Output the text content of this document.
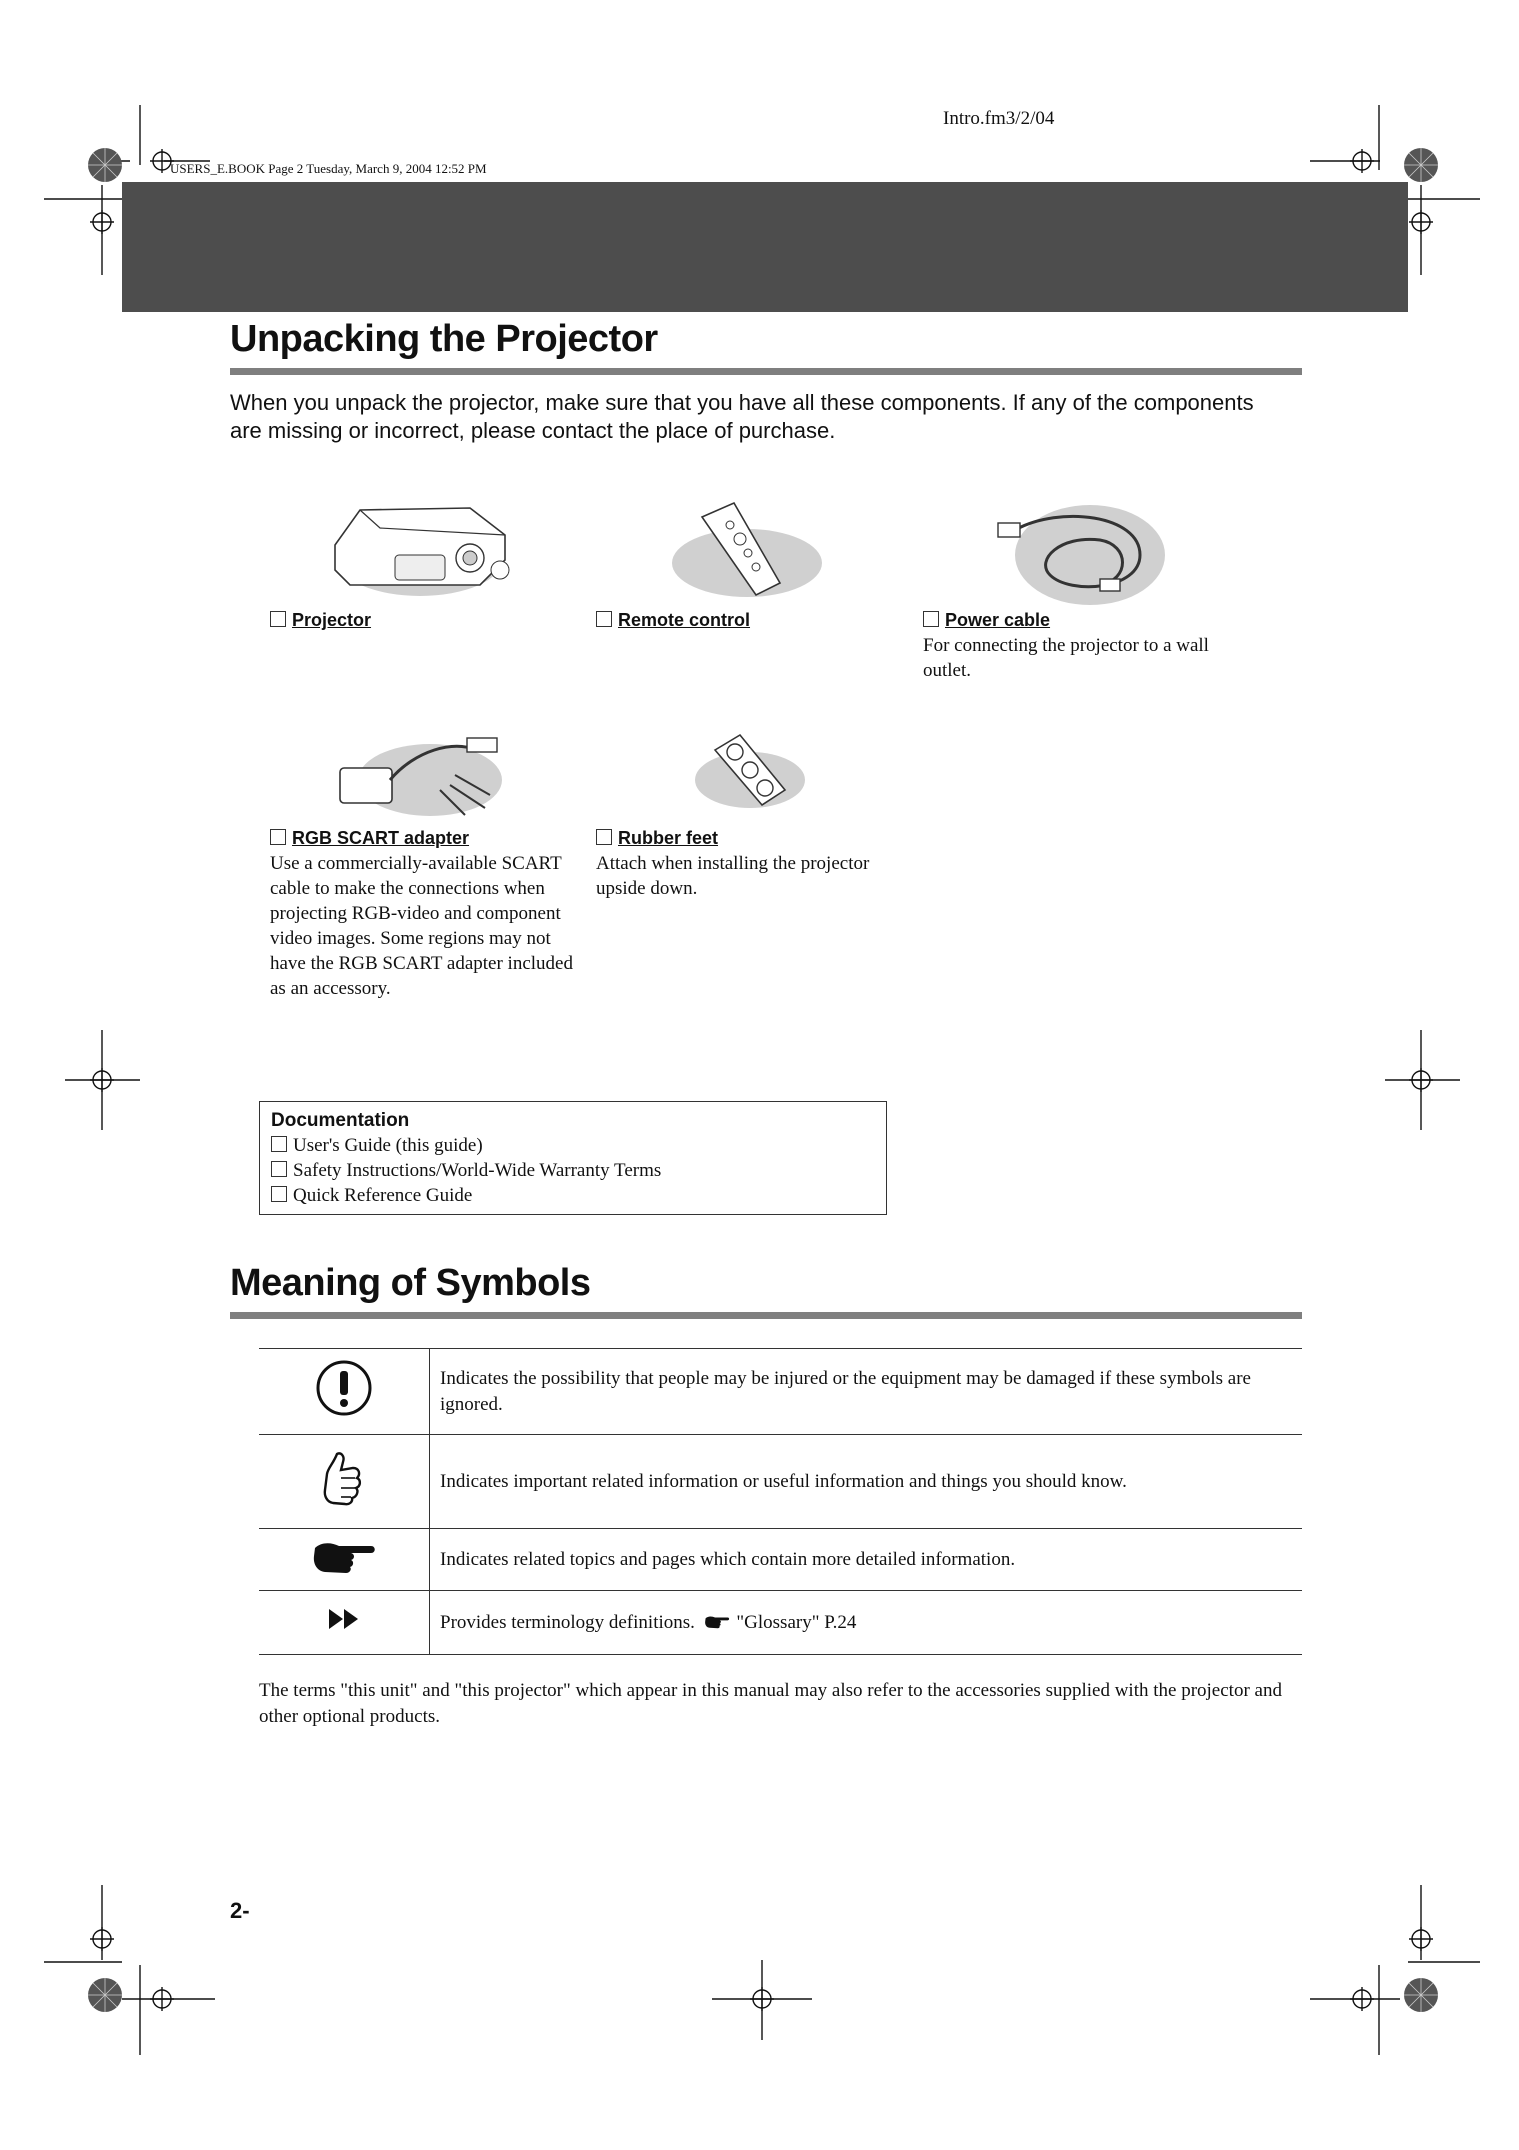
Intro.fm3/2/04
USERS_E.BOOK Page 2 Tuesday, March 9, 2004 12:52 PM
Unpacking the Projector
When you unpack the projector, make sure that you have all these components. If any of the components are missing or incorrect, please contact the place of purchase.
Projector	Remote control	Power cable
For connecting the projector to a wall outlet.
RGB SCART adapter
Use a commercially-available SCART cable to make the connections when projecting RGB-video and component video images. Some regions may not have the RGB SCART adapter included as an accessory.
Rubber feet
Attach when installing the projector upside down.
Documentation
User's Guide (this guide)
Safety Instructions/World-Wide Warranty Terms
Quick Reference Guide
Meaning of Symbols
	Indicates the possibility that people may be injured or the equipment may be damaged if these symbols are ignored.
	Indicates important related information or useful information and things you should know.
	Indicates related topics and pages which contain more detailed information.
	Provides terminology definitions. "Glossary" P.24
The terms "this unit" and "this projector" which appear in this manual may also refer to the accessories supplied with the projector and other optional products.
2-
